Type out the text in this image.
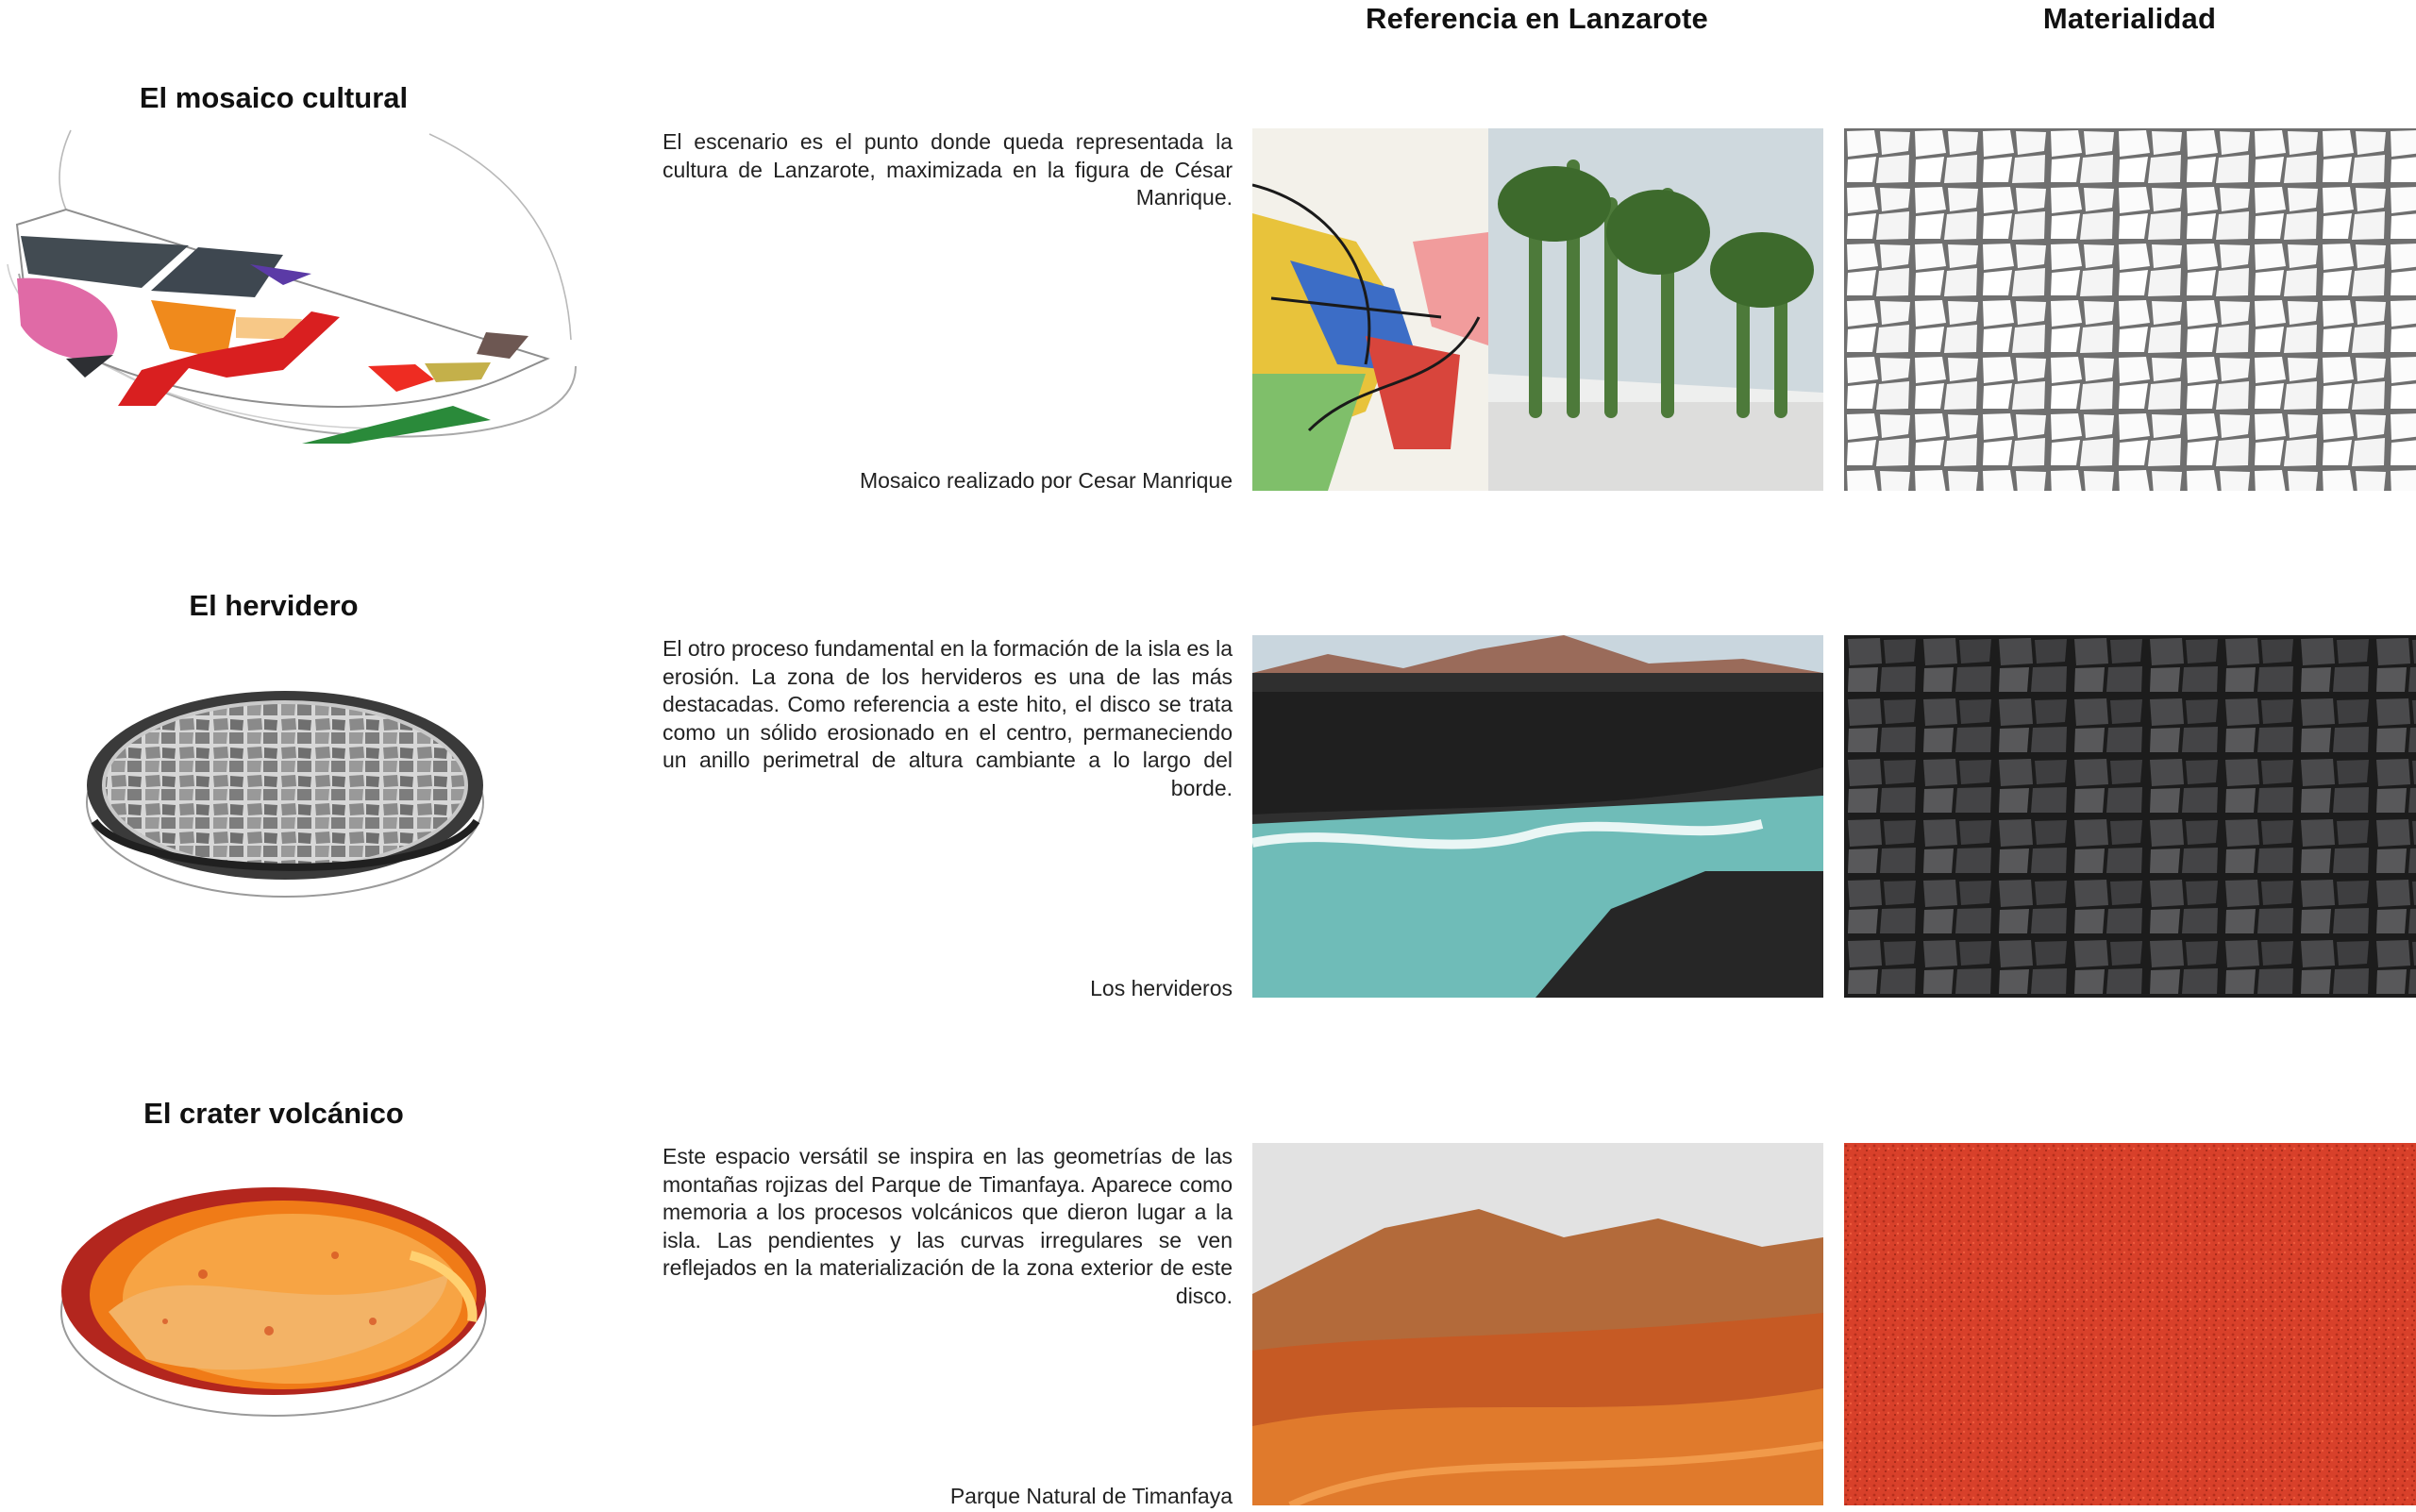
Referencia en Lanzarote	Materialidad
El mosaico cultural
El escenario es el punto donde queda representada la cultura de Lanzarote, maximizada en la figura de César Manrique.
Mosaico realizado por Cesar Manrique
El hervidero
El otro proceso fundamental en la formación de la isla es la erosión. La zona de los hervideros es una de las más destacadas. Como referencia a este hito, el disco se trata como un sólido erosionado en el centro, permaneciendo un anillo perimetral de altura cambiante a lo largo del borde.
Los hervideros
El crater volcánico
Este espacio versátil se inspira en las geometrías de las montañas rojizas del Parque de Timanfaya. Aparece como memoria a los procesos volcánicos que dieron lugar a la isla. Las pendientes y las curvas irregulares se ven reflejados en la materialización de la zona exterior de este disco.
Parque Natural de Timanfaya
